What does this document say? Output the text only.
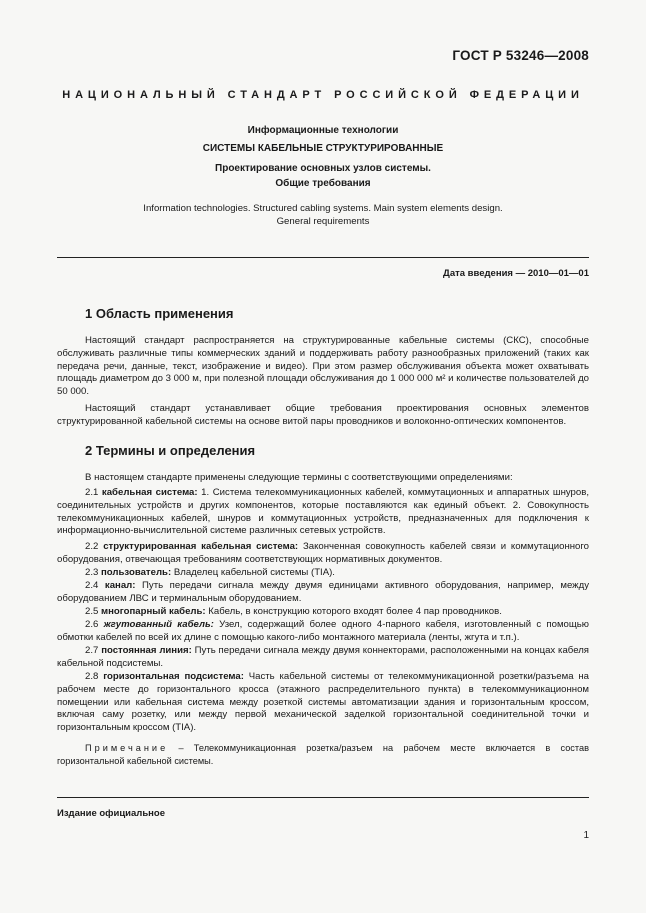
ГОСТ Р 53246—2008
НАЦИОНАЛЬНЫЙ СТАНДАРТ РОССИЙСКОЙ ФЕДЕРАЦИИ
Информационные технологии
СИСТЕМЫ КАБЕЛЬНЫЕ СТРУКТУРИРОВАННЫЕ
Проектирование основных узлов системы.
Общие требования
Information technologies. Structured cabling systems. Main system elements design.
General requirements
Дата введения — 2010—01—01
1 Область применения
Настоящий стандарт распространяется на структурированные кабельные системы (СКС), способные обслуживать различные типы коммерческих зданий и поддерживать работу разнообразных приложений (таких как передача речи, данные, текст, изображение и видео). При этом размер обслуживания объекта может охватывать площадь диаметром до 3 000 м, при полезной площади обслуживания до 1 000 000 м² и количестве пользователей до 50 000.
Настоящий стандарт устанавливает общие требования проектирования основных элементов структурированной кабельной системы на основе витой пары проводников и волоконно-оптических компонентов.
2 Термины и определения
В настоящем стандарте применены следующие термины с соответствующими определениями:
2.1 кабельная система: 1. Система телекоммуникационных кабелей, коммутационных и аппаратных шнуров, соединительных устройств и других компонентов, которые поставляются как единый объект. 2. Совокупность телекоммуникационных кабелей, шнуров и коммутационных устройств, предназначенных для подключения к информационно-вычислительной системе различных сетевых устройств.
2.2 структурированная кабельная система: Законченная совокупность кабелей связи и коммутационного оборудования, отвечающая требованиям соответствующих нормативных документов.
2.3 пользователь: Владелец кабельной системы (TIA).
2.4 канал: Путь передачи сигнала между двумя единицами активного оборудования, например, между оборудованием ЛВС и терминальным оборудованием.
2.5 многопарный кабель: Кабель, в конструкцию которого входят более 4 пар проводников.
2.6 жгутованный кабель: Узел, содержащий более одного 4-парного кабеля, изготовленный с помощью обмотки кабелей по всей их длине с помощью какого-либо монтажного материала (ленты, жгута и т.п.).
2.7 постоянная линия: Путь передачи сигнала между двумя коннекторами, расположенными на концах кабеля кабельной подсистемы.
2.8 горизонтальная подсистема: Часть кабельной системы от телекоммуникационной розетки/разъема на рабочем месте до горизонтального кросса (этажного распределительного пункта) в телекоммуникационном помещении или кабельная система между розеткой системы автоматизации здания и горизонтальным кроссом, включая саму розетку, или между первой механической заделкой горизонтальной соединительной точки и горизонтальным кроссом (TIA).
Примечание – Телекоммуникационная розетка/разъем на рабочем месте включается в состав горизонтальной кабельной системы.
Издание официальное
1
